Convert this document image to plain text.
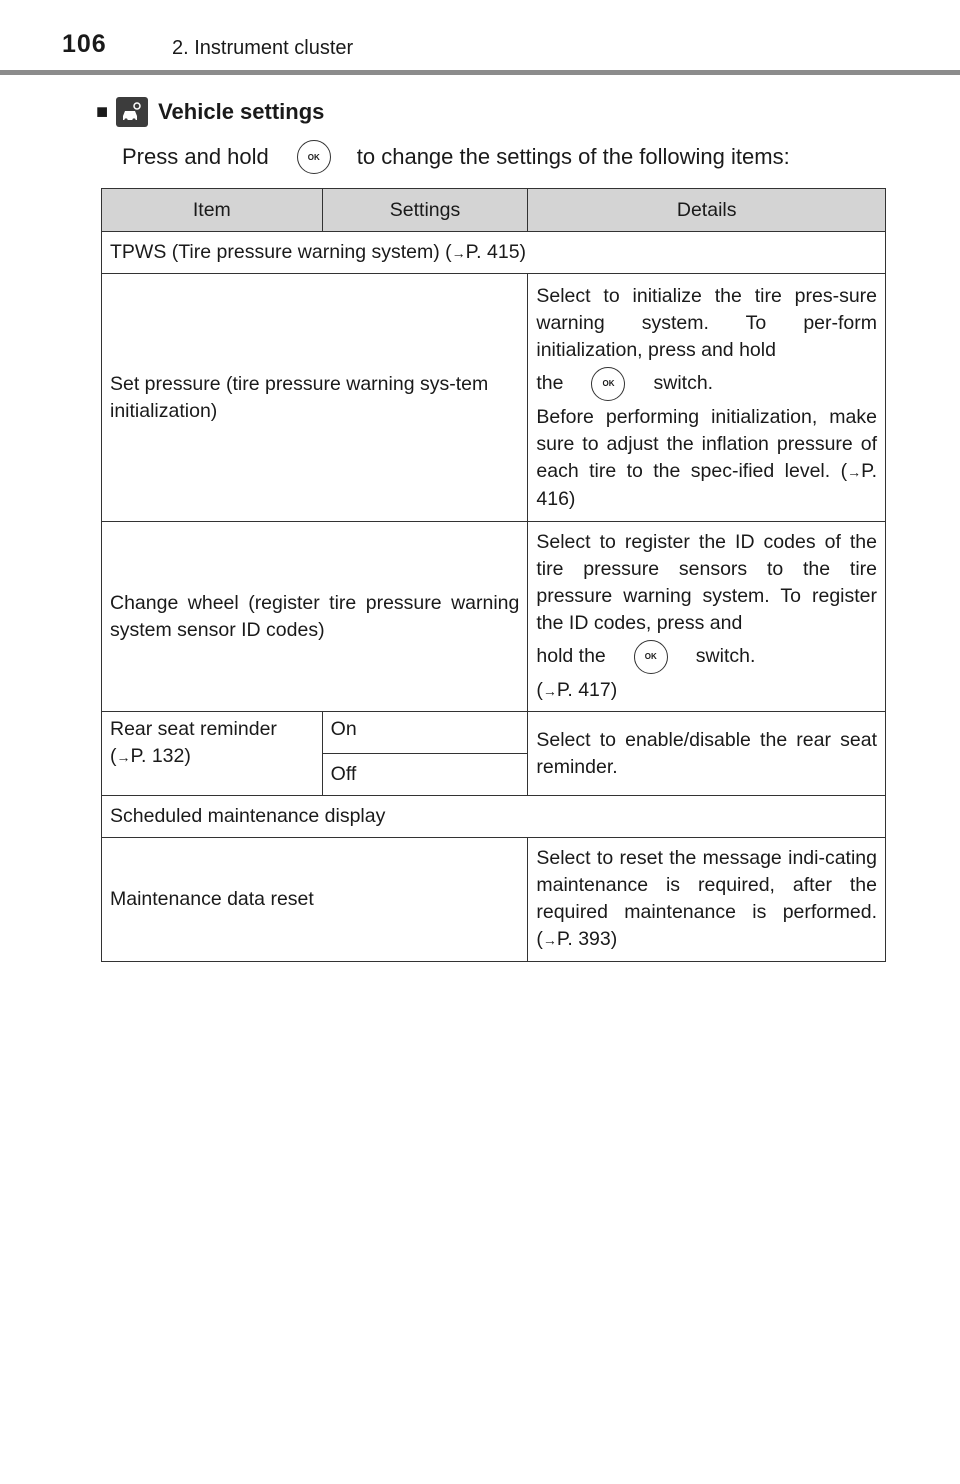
106	2. Instrument cluster
■ Vehicle settings
Press and hold	OK	to change the settings of the following items:
Item	Settings	Details
TPWS (Tire pressure warning system) (→P. 415)		
Set pressure (tire pressure warning sys-tem initialization)		Select to initialize the tire pres-sure warning system. To per-form initialization, press and hold
the OK switch.
Before performing initialization, make sure to adjust the inflation pressure of each tire to the spec-ified level. (→P. 416)

Change wheel (register tire pressure warning system sensor ID codes)		Select to register the ID codes of the tire pressure sensors to the tire pressure warning system. To register the ID codes, press and
hold the OK switch.
(→P. 417)

Rear seat reminder
(→P. 132)	On	Select to enable/disable the rear seat reminder.
	Off	
Scheduled maintenance display		
Maintenance data reset		Select to reset the message indi-cating maintenance is required, after the required maintenance is performed. (→P. 393)
